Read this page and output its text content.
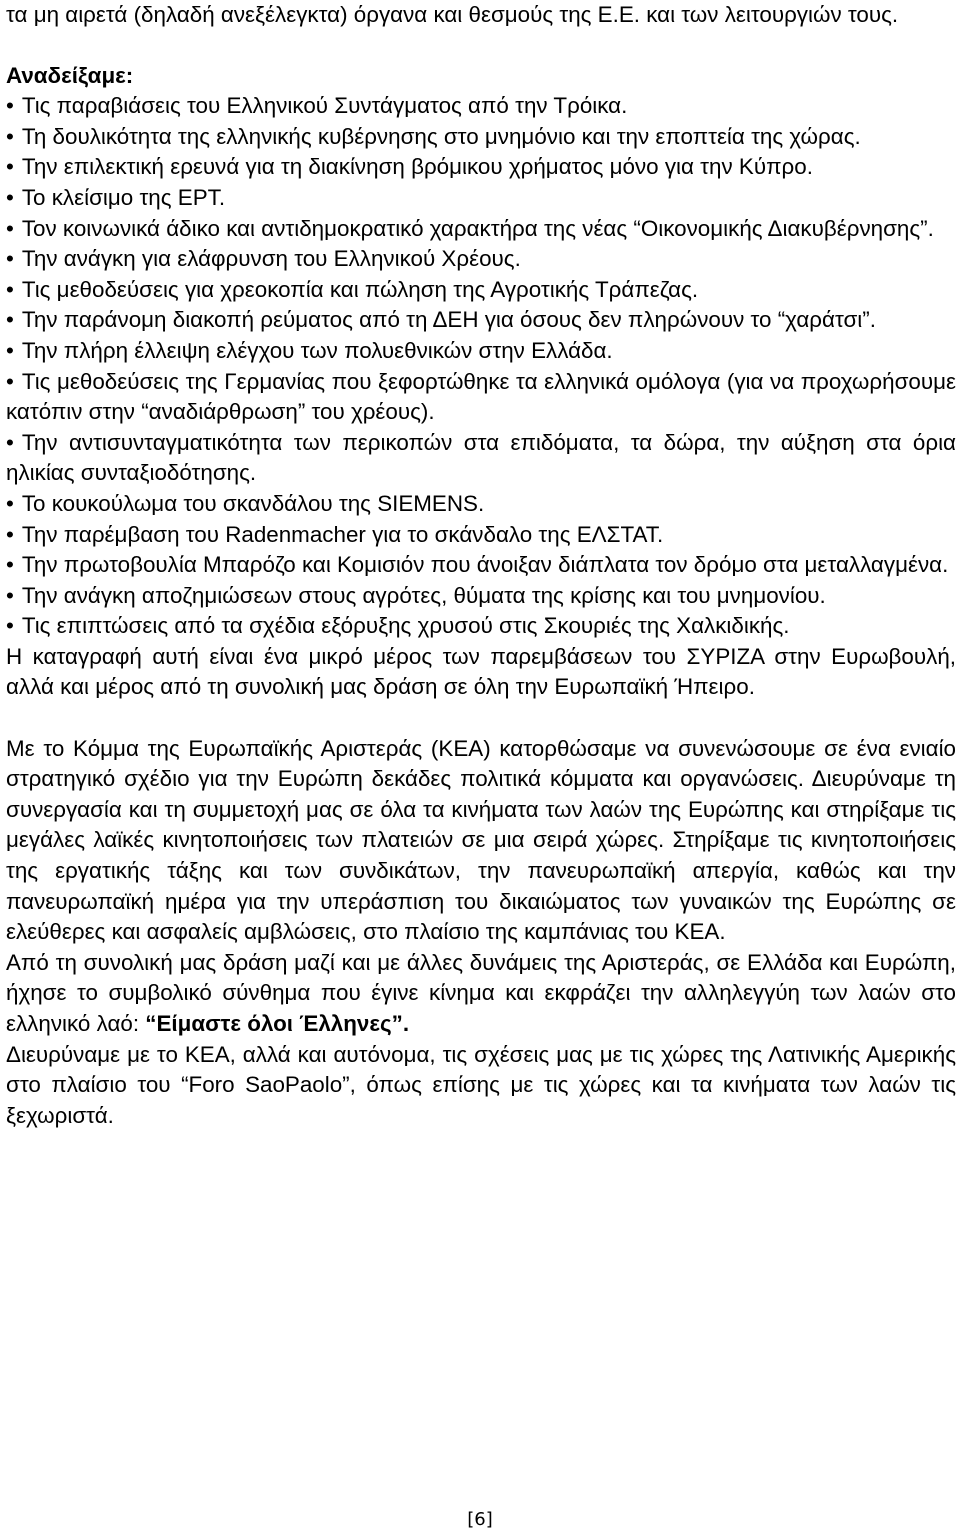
τα μη αιρετά (δηλαδή ανεξέλεγκτα) όργανα και θεσμούς της Ε.Ε. και των λειτουργιών τους.

Αναδείξαμε:

• Τις παραβιάσεις του Ελληνικού Συντάγματος από την Τρόικα.
• Τη δουλικότητα της ελληνικής κυβέρνησης στο μνημόνιο και την εποπτεία της χώρας.
• Την επιλεκτική ερευνά για τη διακίνηση βρόμικου χρήματος μόνο για την Κύπρο.
• Το κλείσιμο της ΕΡΤ.
• Τον κοινωνικά άδικο και αντιδημοκρατικό χαρακτήρα της νέας “Οικονομικής Διακυβέρνησης”.
• Την ανάγκη για ελάφρυνση του Ελληνικού Χρέους.
• Τις μεθοδεύσεις για χρεοκοπία και πώληση της Αγροτικής Τράπεζας.
• Την παράνομη διακοπή ρεύματος από τη ΔΕΗ για όσους δεν πληρώνουν το “χαράτσι”.
• Την πλήρη έλλειψη ελέγχου των πολυεθνικών στην Ελλάδα.
• Τις μεθοδεύσεις της Γερμανίας που ξεφορτώθηκε τα ελληνικά ομόλογα (για να προχωρήσουμε κατόπιν στην “αναδιάρθρωση” του χρέους).
• Την αντισυνταγματικότητα των περικοπών στα επιδόματα, τα δώρα, την αύξηση στα όρια ηλικίας συνταξιοδότησης.
• Το κουκούλωμα του σκανδάλου της SIEMENS.
• Την παρέμβαση του Radenmacher για το σκάνδαλο της ΕΛΣΤΑΤ.
• Την πρωτοβουλία Μπαρόζο και Κομισιόν που άνοιξαν διάπλατα τον δρόμο στα μεταλλαγμένα.
• Την ανάγκη αποζημιώσεων στους αγρότες, θύματα της κρίσης και του μνημονίου.
• Τις επιπτώσεις από τα σχέδια εξόρυξης χρυσού στις Σκουριές της Χαλκιδικής.

Η καταγραφή αυτή είναι ένα μικρό μέρος των παρεμβάσεων του ΣΥΡΙΖΑ στην Ευρωβουλή, αλλά και μέρος από τη συνολική μας δράση σε όλη την Ευρωπαϊκή Ήπειρο.

Με το Κόμμα της Ευρωπαϊκής Αριστεράς (ΚΕΑ) κατορθώσαμε να συνενώσουμε σε ένα ενιαίο στρατηγικό σχέδιο για την Ευρώπη δεκάδες πολιτικά κόμματα και οργανώσεις. Διευρύναμε τη συνεργασία και τη συμμετοχή μας σε όλα τα κινήματα των λαών της Ευρώπης και στηρίξαμε τις μεγάλες λαϊκές κινητοποιήσεις των πλατειών σε μια σειρά χώρες. Στηρίξαμε τις κινητοποιήσεις της εργατικής τάξης και των συνδικάτων, την πανευρωπαϊκή απεργία, καθώς και την πανευρωπαϊκή ημέρα για την υπεράσπιση του δικαιώματος των γυναικών της Ευρώπης σε ελεύθερες και ασφαλείς αμβλώσεις, στο πλαίσιο της καμπάνιας του ΚΕΑ.

Από τη συνολική μας δράση μαζί και με άλλες δυνάμεις της Αριστεράς, σε Ελλάδα και Ευρώπη, ήχησε το συμβολικό σύνθημα που έγινε κίνημα και εκφράζει την αλληλεγγύη των λαών στο ελληνικό λαό: “Είμαστε όλοι Έλληνες”.

Διευρύναμε με το ΚΕΑ, αλλά και αυτόνομα, τις σχέσεις μας με τις χώρες της Λατινικής Αμερικής στο πλαίσιο του “Foro SaoPaolo”, όπως επίσης με τις χώρες και τα κινήματα των λαών τις ξεχωριστά.

[6]
